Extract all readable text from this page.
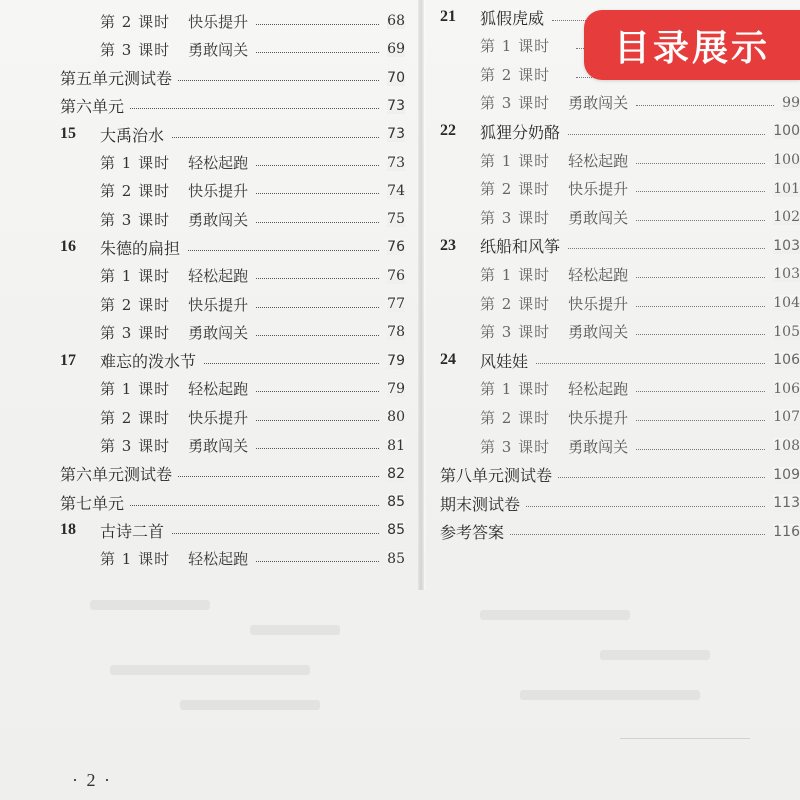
第 2 课时 快乐提升	68
第 3 课时 勇敢闯关	69
第五单元测试卷	70
第六单元	73
15	大禹治水	73
第 1 课时 轻松起跑	73
第 2 课时 快乐提升	74
第 3 课时 勇敢闯关	75
16	朱德的扁担	76
第 1 课时 轻松起跑	76
第 2 课时 快乐提升	77
第 3 课时 勇敢闯关	78
17	难忘的泼水节	79
第 1 课时 轻松起跑	79
第 2 课时 快乐提升	80
第 3 课时 勇敢闯关	81
第六单元测试卷	82
第七单元	85
18	古诗二首	85
第 1 课时 轻松起跑	85
21	狐假虎威
第 1 课时
第 2 课时
第 3 课时 勇敢闯关	99
22	狐狸分奶酪	100
第 1 课时 轻松起跑	100
第 2 课时 快乐提升	101
第 3 课时 勇敢闯关	102
23	纸船和风筝	103
第 1 课时 轻松起跑	103
第 2 课时 快乐提升	104
第 3 课时 勇敢闯关	105
24	风娃娃	106
第 1 课时 轻松起跑	106
第 2 课时 快乐提升	107
第 3 课时 勇敢闯关	108
第八单元测试卷	109
期末测试卷	113
参考答案	116
目录展示
· 2 ·
